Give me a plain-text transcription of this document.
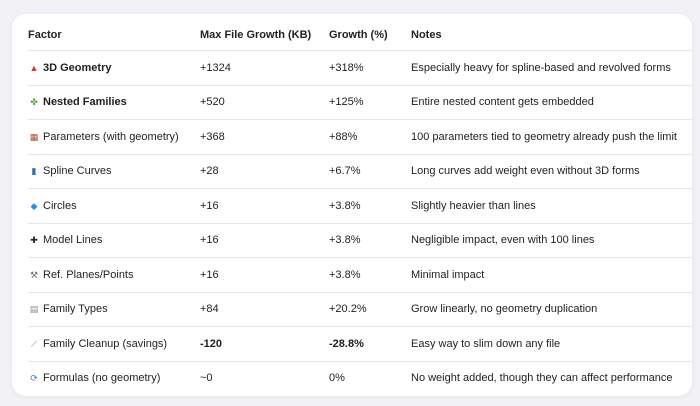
Factor	Max File Growth (KB)	Growth (%)	Notes
▲ 3D Geometry	+1324	+318%	Especially heavy for spline-based and revolved forms
✤ Nested Families	+520	+125%	Entire nested content gets embedded
▦ Parameters (with geometry)	+368	+88%	100 parameters tied to geometry already push the limit
▮ Spline Curves	+28	+6.7%	Long curves add weight even without 3D forms
◆ Circles	+16	+3.8%	Slightly heavier than lines
✚ Model Lines	+16	+3.8%	Negligible impact, even with 100 lines
⚒ Ref. Planes/Points	+16	+3.8%	Minimal impact
▤ Family Types	+84	+20.2%	Grow linearly, no geometry duplication
⟋ Family Cleanup (savings)	-120	-28.8%	Easy way to slim down any file
⟳ Formulas (no geometry)	~0	0%	No weight added, though they can affect performance
